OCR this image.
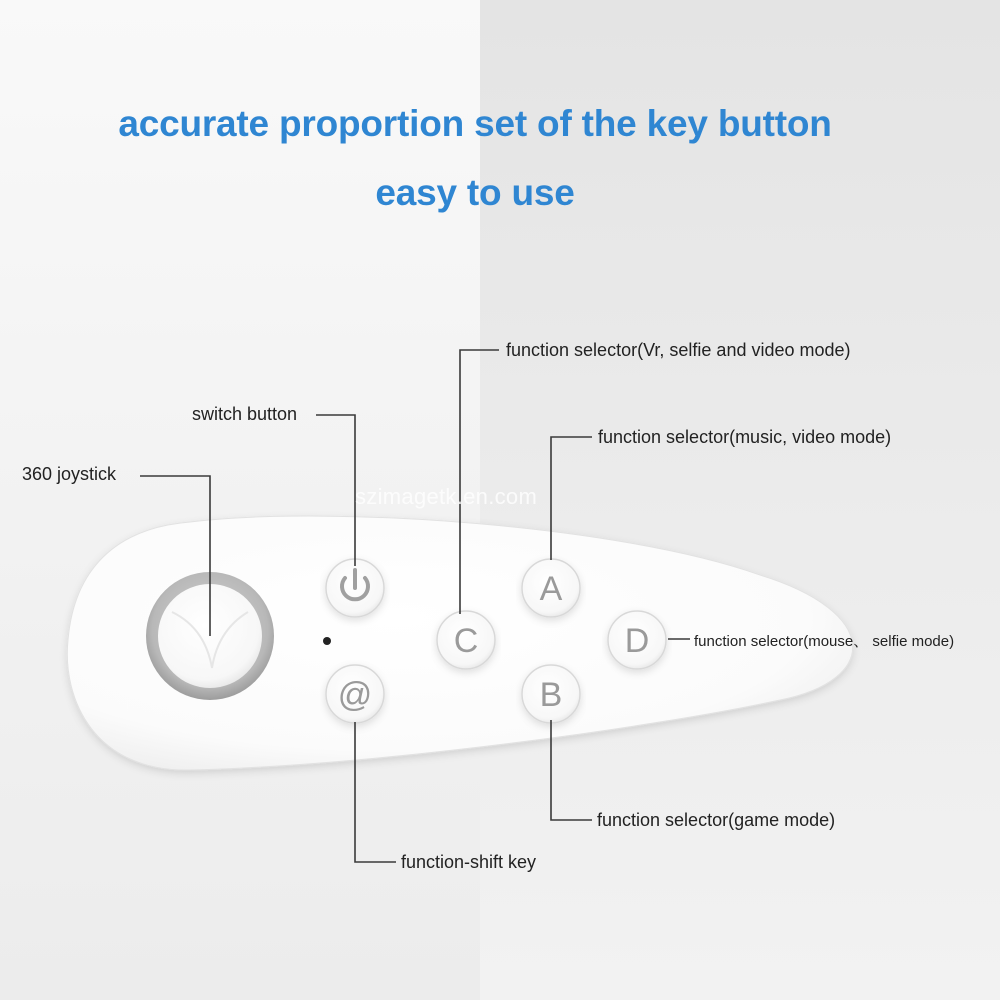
accurate proportion set of the key button
easy to use
@
C
A
B
D
szimagetk.en.com
360 joystick
switch button
function selector(Vr, selfie and video mode)
function selector(music, video mode)
function selector(mouse、 selfie mode)
function selector(game mode)
function-shift key
